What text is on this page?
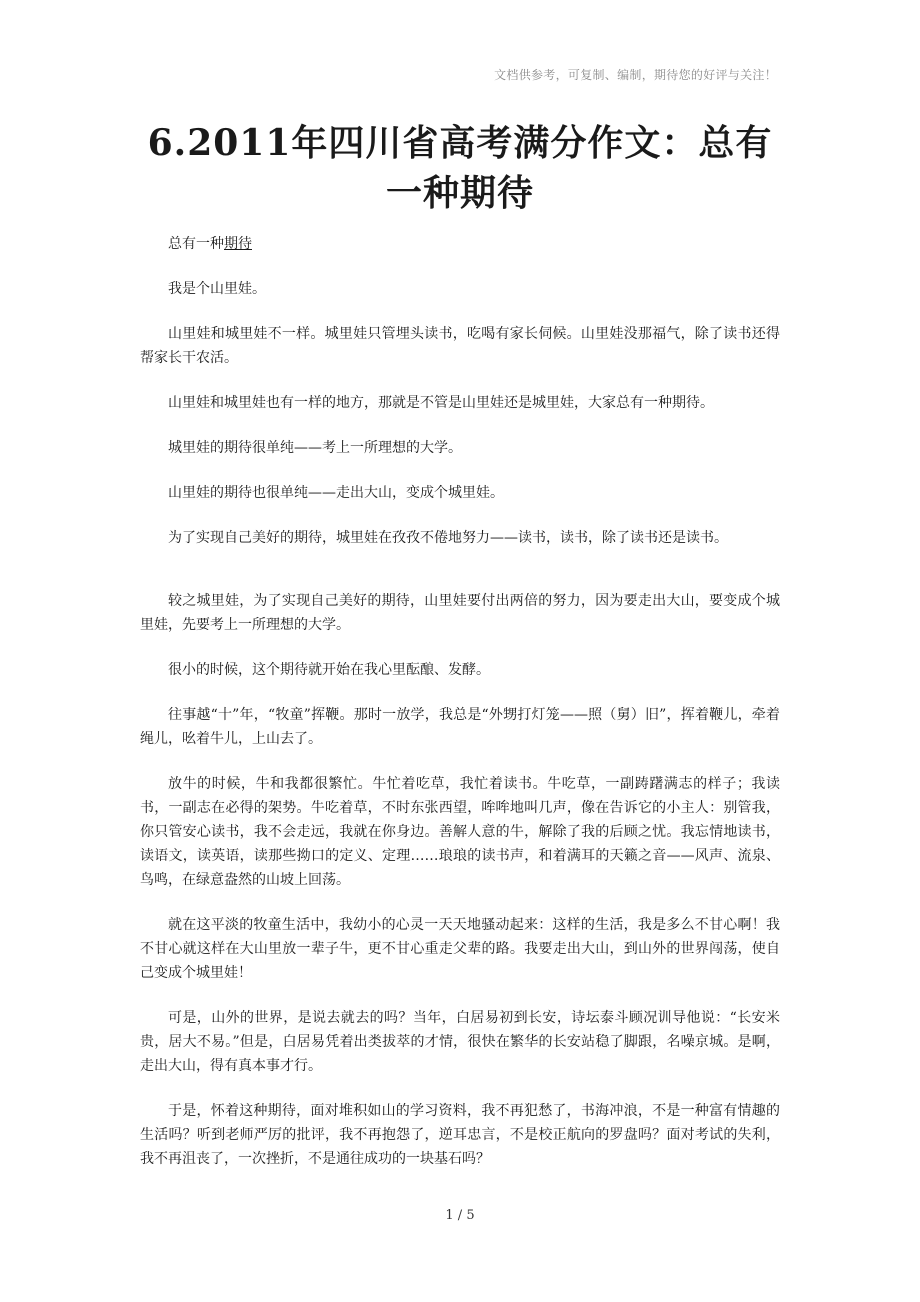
文档供参考，可复制、编制，期待您的好评与关注！
6.2011年四川省高考满分作文：总有
一种期待

总有一种期待

我是个山里娃。

山里娃和城里娃不一样。城里娃只管埋头读书，吃喝有家长伺候。山里娃没那福气，除了读书还得帮家长干农活。

山里娃和城里娃也有一样的地方，那就是不管是山里娃还是城里娃，大家总有一种期待。

城里娃的期待很单纯——考上一所理想的大学。

山里娃的期待也很单纯——走出大山，变成个城里娃。

为了实现自己美好的期待，城里娃在孜孜不倦地努力——读书，读书，除了读书还是读书。

较之城里娃，为了实现自己美好的期待，山里娃要付出两倍的努力，因为要走出大山，要变成个城里娃，先要考上一所理想的大学。

很小的时候，这个期待就开始在我心里酝酿、发酵。

往事越“十”年，“牧童”挥鞭。那时一放学，我总是“外甥打灯笼——照（舅）旧”，挥着鞭儿，牵着绳儿，吆着牛儿，上山去了。

放牛的时候，牛和我都很繁忙。牛忙着吃草，我忙着读书。牛吃草，一副踌躇满志的样子；我读书，一副志在必得的架势。牛吃着草，不时东张西望，哞哞地叫几声，像在告诉它的小主人：别管我，你只管安心读书，我不会走远，我就在你身边。善解人意的牛，解除了我的后顾之忧。我忘情地读书，读语文，读英语，读那些拗口的定义、定理……琅琅的读书声，和着满耳的天籁之音——风声、流泉、鸟鸣，在绿意盎然的山坡上回荡。

就在这平淡的牧童生活中，我幼小的心灵一天天地骚动起来：这样的生活，我是多么不甘心啊！我不甘心就这样在大山里放一辈子牛，更不甘心重走父辈的路。我要走出大山，到山外的世界闯荡，使自己变成个城里娃！

可是，山外的世界，是说去就去的吗？当年，白居易初到长安，诗坛泰斗顾况训导他说：“长安米贵，居大不易。”但是，白居易凭着出类拔萃的才情，很快在繁华的长安站稳了脚跟，名噪京城。是啊，走出大山，得有真本事才行。

于是，怀着这种期待，面对堆积如山的学习资料，我不再犯愁了，书海冲浪，不是一种富有情趣的生活吗？听到老师严厉的批评，我不再抱怨了，逆耳忠言，不是校正航向的罗盘吗？面对考试的失利，我不再沮丧了，一次挫折，不是通往成功的一块基石吗？

1 / 5
